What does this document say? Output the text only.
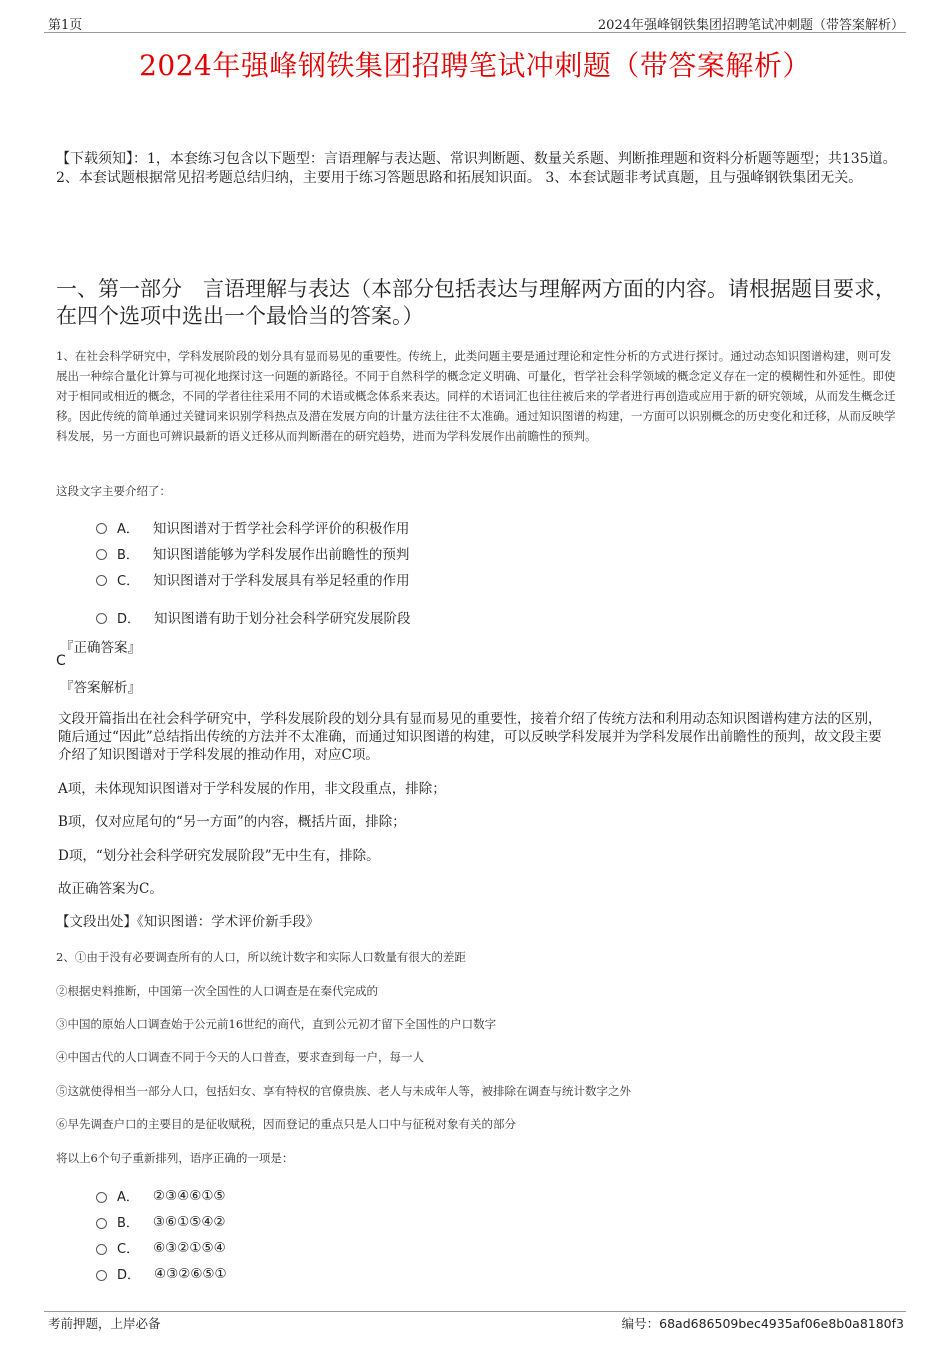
第1页	2024年强峰钢铁集团招聘笔试冲刺题（带答案解析）
2024年强峰钢铁集团招聘笔试冲刺题（带答案解析）
【下载须知】：1，本套练习包含以下题型：言语理解与表达题、常识判断题、数量关系题、判断推理题和资料分析题等题型；共135道。 2、本套试题根据常见招考题总结归纳，主要用于练习答题思路和拓展知识面。 3、本套试题非考试真题，且与强峰钢铁集团无关。
一、第一部分　言语理解与表达（本部分包括表达与理解两方面的内容。请根据题目要求，在四个选项中选出一个最恰当的答案。）
1、在社会科学研究中，学科发展阶段的划分具有显而易见的重要性。传统上，此类问题主要是通过理论和定性分析的方式进行探讨。通过动态知识图谱构建，则可发展出一种综合量化计算与可视化地探讨这一问题的新路径。不同于自然科学的概念定义明确、可量化，哲学社会科学领域的概念定义存在一定的模糊性和外延性。即使对于相同或相近的概念，不同的学者往往采用不同的术语或概念体系来表达。同样的术语词汇也往往被后来的学者进行再创造或应用于新的研究领域，从而发生概念迁移。因此传统的简单通过关键词来识别学科热点及潜在发展方向的计量方法往往不太准确。通过知识图谱的构建，一方面可以识别概念的历史变化和迁移，从而反映学科发展，另一方面也可辨识最新的语义迁移从而判断潜在的研究趋势，进而为学科发展作出前瞻性的预判。
这段文字主要介绍了：
A． 知识图谱对于哲学社会科学评价的积极作用
B． 知识图谱能够为学科发展作出前瞻性的预判
C． 知识图谱对于学科发展具有举足轻重的作用
D． 知识图谱有助于划分社会科学研究发展阶段
『正确答案』
C
『答案解析』
文段开篇指出在社会科学研究中，学科发展阶段的划分具有显而易见的重要性，接着介绍了传统方法和利用动态知识图谱构建方法的区别，随后通过“因此”总结指出传统的方法并不太准确，而通过知识图谱的构建，可以反映学科发展并为学科发展作出前瞻性的预判，故文段主要介绍了知识图谱对于学科发展的推动作用，对应C项。
A项，未体现知识图谱对于学科发展的作用，非文段重点，排除；
B项，仅对应尾句的“另一方面”的内容，概括片面，排除；
D项，“划分社会科学研究发展阶段”无中生有，排除。
故正确答案为C。
【文段出处】《知识图谱：学术评价新手段》
2、①由于没有必要调查所有的人口，所以统计数字和实际人口数量有很大的差距
②根据史料推断，中国第一次全国性的人口调查是在秦代完成的
③中国的原始人口调查始于公元前16世纪的商代，直到公元初才留下全国性的户口数字
④中国古代的人口调查不同于今天的人口普查，要求查到每一户，每一人
⑤这就使得相当一部分人口，包括妇女、享有特权的官僚贵族、老人与未成年人等，被排除在调查与统计数字之外
⑥早先调查户口的主要目的是征收赋税，因而登记的重点只是人口中与征税对象有关的部分
将以上6个句子重新排列，语序正确的一项是：
A． ②③④⑥①⑤
B． ③⑥①⑤④②
C． ⑥③②①⑤④
D． ④③②⑥⑤①
考前押题，上岸必备	编号：68ad686509bec4935af06e8b0a8180f3
